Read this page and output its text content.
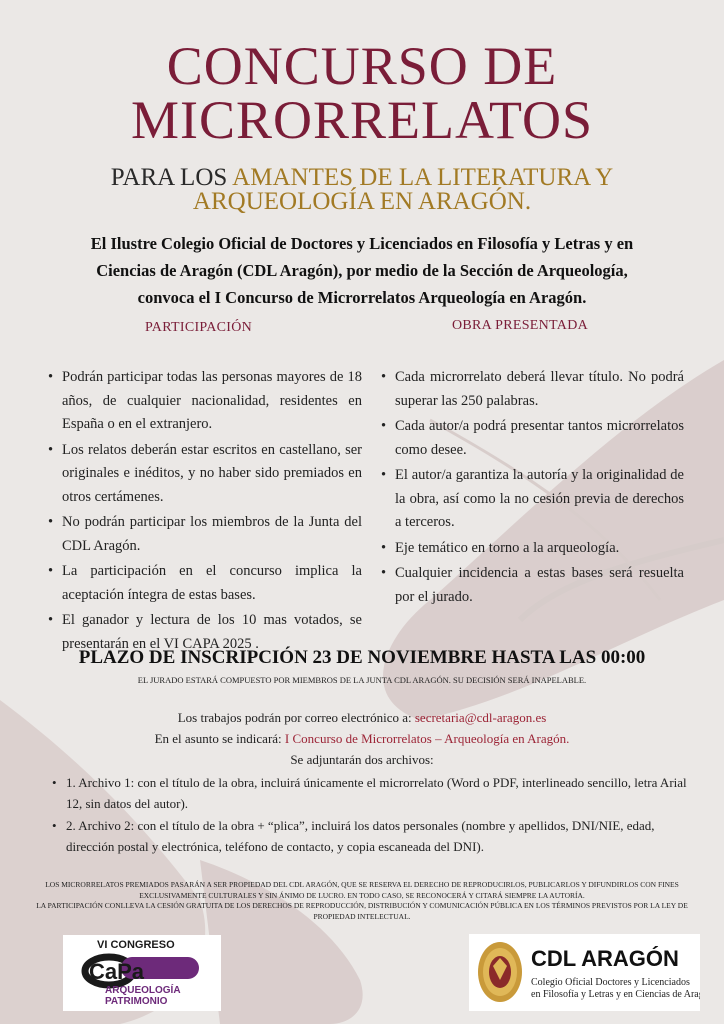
CONCURSO DE
MICRORRELATOS
PARA LOS AMANTES DE LA LITERATURA Y
ARQUEOLOGÍA EN ARAGÓN.
El Ilustre Colegio Oficial de Doctores y Licenciados en Filosofía y Letras y en
Ciencias de Aragón (CDL Aragón), por medio de la Sección de Arqueología,
convoca el I Concurso de Microrrelatos Arqueología en Aragón.
PARTICIPACIÓN	OBRA PRESENTADA
• Podrán participar todas las personas mayores de 18 años, de cualquier nacionalidad, residentes en España o en el extranjero.
• Los relatos deberán estar escritos en castellano, ser originales e inéditos, y no haber sido premiados en otros certámenes.
• No podrán participar los miembros de la Junta del CDL Aragón.
• La participación en el concurso implica la aceptación íntegra de estas bases.
• El ganador y lectura de los 10 mas votados, se presentarán en el VI CAPA 2025 .
• Cada microrrelato deberá llevar título. No podrá superar las 250 palabras.
• Cada autor/a podrá presentar tantos microrrelatos como desee.
• El autor/a garantiza la autoría y la originalidad de la obra, así como la no cesión previa de derechos a terceros.
• Eje temático en torno a la arqueología.
• Cualquier incidencia a estas bases será resuelta por el jurado.
PLAZO DE INSCRIPCIÓN 23 DE NOVIEMBRE HASTA LAS 00:00
EL JURADO ESTARÁ COMPUESTO POR MIEMBROS DE LA JUNTA CDL ARAGÓN. SU DECISIÓN SERÁ INAPELABLE.
Los trabajos podrán por correo electrónico a: secretaria@cdl-aragon.es
En el asunto se indicará: I Concurso de Microrrelatos – Arqueología en Aragón.
Se adjuntarán dos archivos:
• 1. Archivo 1: con el título de la obra, incluirá únicamente el microrrelato (Word o PDF, interlineado sencillo, letra Arial 12, sin datos del autor).
• 2. Archivo 2: con el título de la obra + “plica”, incluirá los datos personales (nombre y apellidos, DNI/NIE, edad, dirección postal y electrónica, teléfono de contacto, y copia escaneada del DNI).
LOS MICRORRELATOS PREMIADOS PASARÁN A SER PROPIEDAD DEL CDL ARAGÓN, QUE SE RESERVA EL DERECHO DE REPRODUCIRLOS, PUBLICARLOS Y DIFUNDIRLOS CON FINES EXCLUSIVAMENTE CULTURALES Y SIN ÁNIMO DE LUCRO. EN TODO CASO, SE RECONOCERÁ Y CITARÁ SIEMPRE LA AUTORÍA.
LA PARTICIPACIÓN CONLLEVA LA CESIÓN GRATUITA DE LOS DERECHOS DE REPRODUCCIÓN, DISTRIBUCIÓN Y COMUNICACIÓN PÚBLICA EN LOS TÉRMINOS PREVISTOS POR LA LEY DE PROPIEDAD INTELECTUAL.
VI CONGRESO
CaPa
ARQUEOLOGÍA
PATRIMONIO
CDL ARAGÓN
Colegio Oficial Doctores y Licenciados
en Filosofía y Letras y en Ciencias de Aragón
